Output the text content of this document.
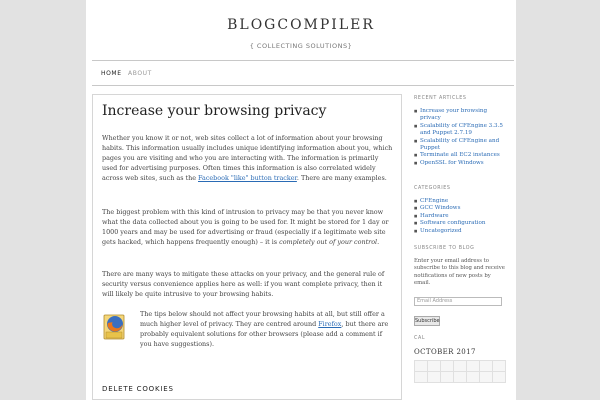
BLOGCOMPILER
{ COLLECTING SOLUTIONS}
HOME ABOUT
Increase your browsing privacy

Whether you know it or not, web sites collect a lot of information about your browsing habits. This information usually includes unique identifying information about you, which pages you are visiting and who you are interacting with. The information is primarily used for advertising purposes. Often times this information is also correlated widely across web sites, such as the Facebook "like" button tracker. There are many examples.

The biggest problem with this kind of intrusion to privacy may be that you never know what the data collected about you is going to be used for. It might be stored for 1 day or 1000 years and may be used for advertising or fraud (especially if a legitimate web site gets hacked, which happens frequently enough) – it is completely out of your control.

There are many ways to mitigate these attacks on your privacy, and the general rule of security versus convenience applies here as well: if you want complete privacy, then it will likely be quite intrusive to your browsing habits.

The tips below should not affect your browsing habits at all, but still offer a much higher level of privacy. They are centred around Firefox, but there are probably equivalent solutions for other browsers (please add a comment if you have suggestions).

DELETE COOKIES
RECENT ARTICLES
■ Increase your browsing privacy
■ Scalability of CFEngine 3.3.5 and Puppet 2.7.19
■ Scalability of CFEngine and Puppet
■ Terminate all EC2 instances
■ OpenSSL for Windows
CATEGORIES
■ CFEngine
■ GCC Windows
■ Hardware
■ Software configuration
■ Uncategorized
SUBSCRIBE TO BLOG
Enter your email address to subscribe to this blog and receive notifications of new posts by email.
Email Address
Subscribe
CAL
OCTOBER 2017
